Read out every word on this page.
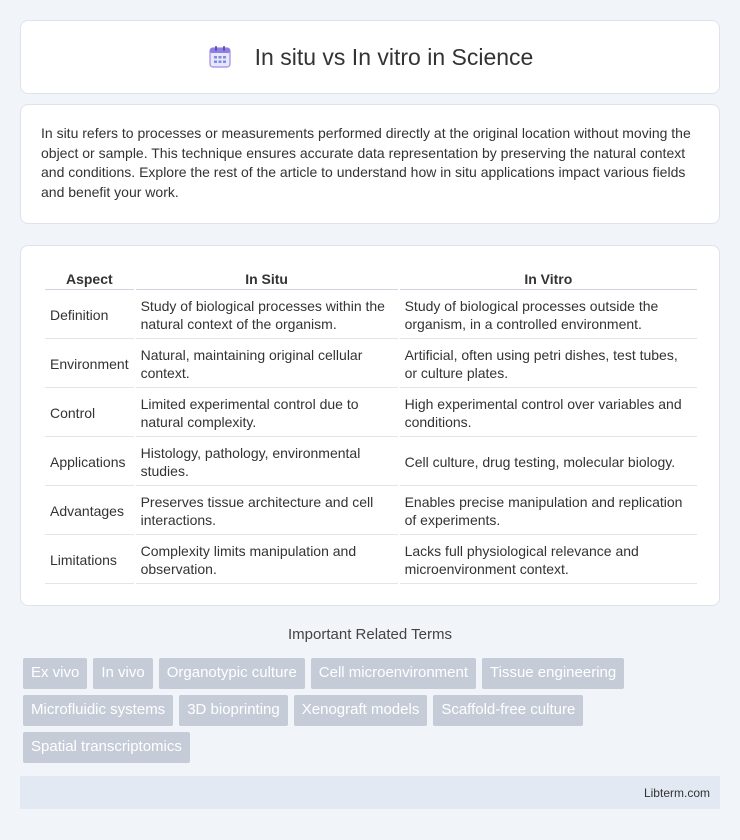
In situ vs In vitro in Science

In situ refers to processes or measurements performed directly at the original location without moving the object or sample. This technique ensures accurate data representation by preserving the natural context and conditions. Explore the rest of the article to understand how in situ applications impact various fields and benefit your work.

Aspect	In Situ	In Vitro
Definition	Study of biological processes within the natural context of the organism.	Study of biological processes outside the organism, in a controlled environment.
Environment	Natural, maintaining original cellular context.	Artificial, often using petri dishes, test tubes, or culture plates.
Control	Limited experimental control due to natural complexity.	High experimental control over variables and conditions.
Applications	Histology, pathology, environmental studies.	Cell culture, drug testing, molecular biology.
Advantages	Preserves tissue architecture and cell interactions.	Enables precise manipulation and replication of experiments.
Limitations	Complexity limits manipulation and observation.	Lacks full physiological relevance and microenvironment context.
Important Related Terms
Ex vivo	In vivo	Organotypic culture	Cell microenvironment	Tissue engineering
Microfluidic systems	3D bioprinting	Xenograft models	Scaffold-free culture
Spatial transcriptomics
Libterm.com
